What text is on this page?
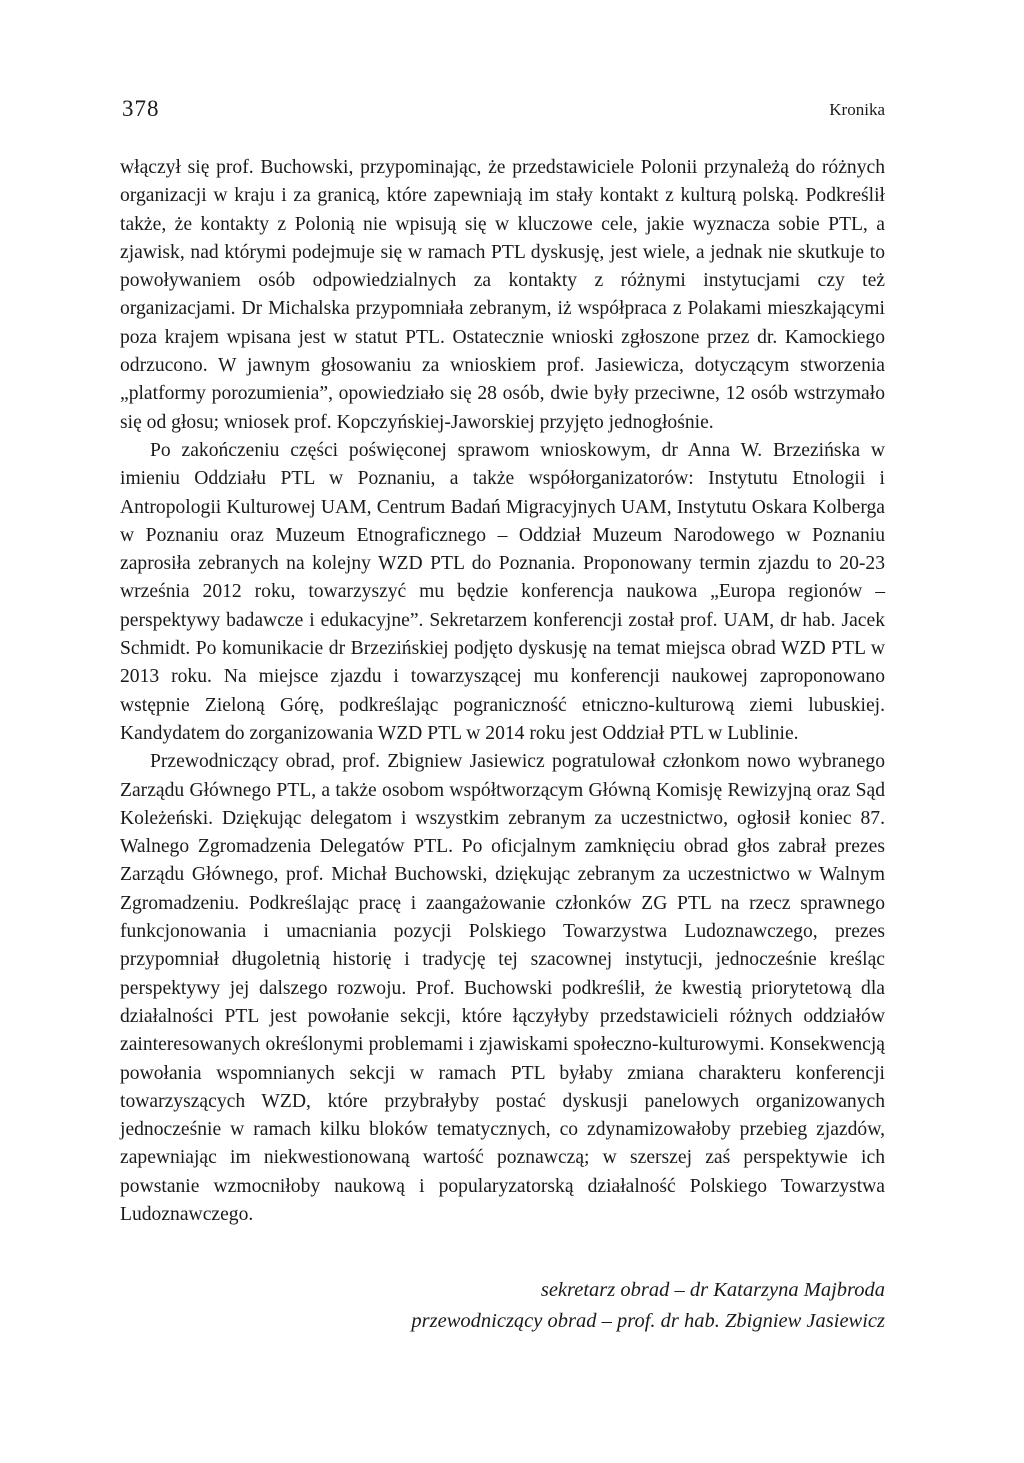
378	Kronika

włączył się prof. Buchowski, przypominając, że przedstawiciele Polonii przynależą do różnych organizacji w kraju i za granicą, które zapewniają im stały kontakt z kulturą polską. Podkreślił także, że kontakty z Polonią nie wpisują się w kluczowe cele, jakie wyznacza sobie PTL, a zjawisk, nad którymi podejmuje się w ramach PTL dyskusję, jest wiele, a jednak nie skutkuje to powoływaniem osób odpowiedzialnych za kontakty z różnymi instytucjami czy też organizacjami. Dr Michalska przypomniała zebranym, iż współpraca z Polakami mieszkającymi poza krajem wpisana jest w statut PTL. Ostatecznie wnioski zgłoszone przez dr. Kamockiego odrzucono. W jawnym głosowaniu za wnioskiem prof. Jasiewicza, dotyczącym stworzenia „platformy porozumienia”, opowiedziało się 28 osób, dwie były przeciwne, 12 osób wstrzymało się od głosu; wniosek prof. Kopczyńskiej-Jaworskiej przyjęto jednogłośnie.

Po zakończeniu części poświęconej sprawom wnioskowym, dr Anna W. Brzezińska w imieniu Oddziału PTL w Poznaniu, a także współorganizatorów: Instytutu Etnologii i Antropologii Kulturowej UAM, Centrum Badań Migracyjnych UAM, Instytutu Oskara Kolberga w Poznaniu oraz Muzeum Etnograficznego – Oddział Muzeum Narodowego w Poznaniu zaprosiła zebranych na kolejny WZD PTL do Poznania. Proponowany termin zjazdu to 20-23 września 2012 roku, towarzyszyć mu będzie konferencja naukowa „Europa regionów – perspektywy badawcze i edukacyjne”. Sekretarzem konferencji został prof. UAM, dr hab. Jacek Schmidt. Po komunikacie dr Brzezińskiej podjęto dyskusję na temat miejsca obrad WZD PTL w 2013 roku. Na miejsce zjazdu i towarzyszącej mu konferencji naukowej zaproponowano wstępnie Zieloną Górę, podkreślając pograniczność etniczno-kulturową ziemi lubuskiej. Kandydatem do zorganizowania WZD PTL w 2014 roku jest Oddział PTL w Lublinie.

Przewodniczący obrad, prof. Zbigniew Jasiewicz pogratulował członkom nowo wybranego Zarządu Głównego PTL, a także osobom współtworzącym Główną Komisję Rewizyjną oraz Sąd Koleżeński. Dziękując delegatom i wszystkim zebranym za uczestnictwo, ogłosił koniec 87. Walnego Zgromadzenia Delegatów PTL. Po oficjalnym zamknięciu obrad głos zabrał prezes Zarządu Głównego, prof. Michał Buchowski, dziękując zebranym za uczestnictwo w Walnym Zgromadzeniu. Podkreślając pracę i zaangażowanie członków ZG PTL na rzecz sprawnego funkcjonowania i umacniania pozycji Polskiego Towarzystwa Ludoznawczego, prezes przypomniał długoletnią historię i tradycję tej szacownej instytucji, jednocześnie kreśląc perspektywy jej dalszego rozwoju. Prof. Buchowski podkreślił, że kwestią priorytetową dla działalności PTL jest powołanie sekcji, które łączyłyby przedstawicieli różnych oddziałów zainteresowanych określonymi problemami i zjawiskami społeczno-kulturowymi. Konsekwencją powołania wspomnianych sekcji w ramach PTL byłaby zmiana charakteru konferencji towarzyszących WZD, które przybrałyby postać dyskusji panelowych organizowanych jednocześnie w ramach kilku bloków tematycznych, co zdynamizowałoby przebieg zjazdów, zapewniając im niekwestionowaną wartość poznawczą; w szerszej zaś perspektywie ich powstanie wzmocniłoby naukową i popularyzatorską działalność Polskiego Towarzystwa Ludoznawczego.

sekretarz obrad – dr Katarzyna Majbroda
przewodniczący obrad – prof. dr hab. Zbigniew Jasiewicz
